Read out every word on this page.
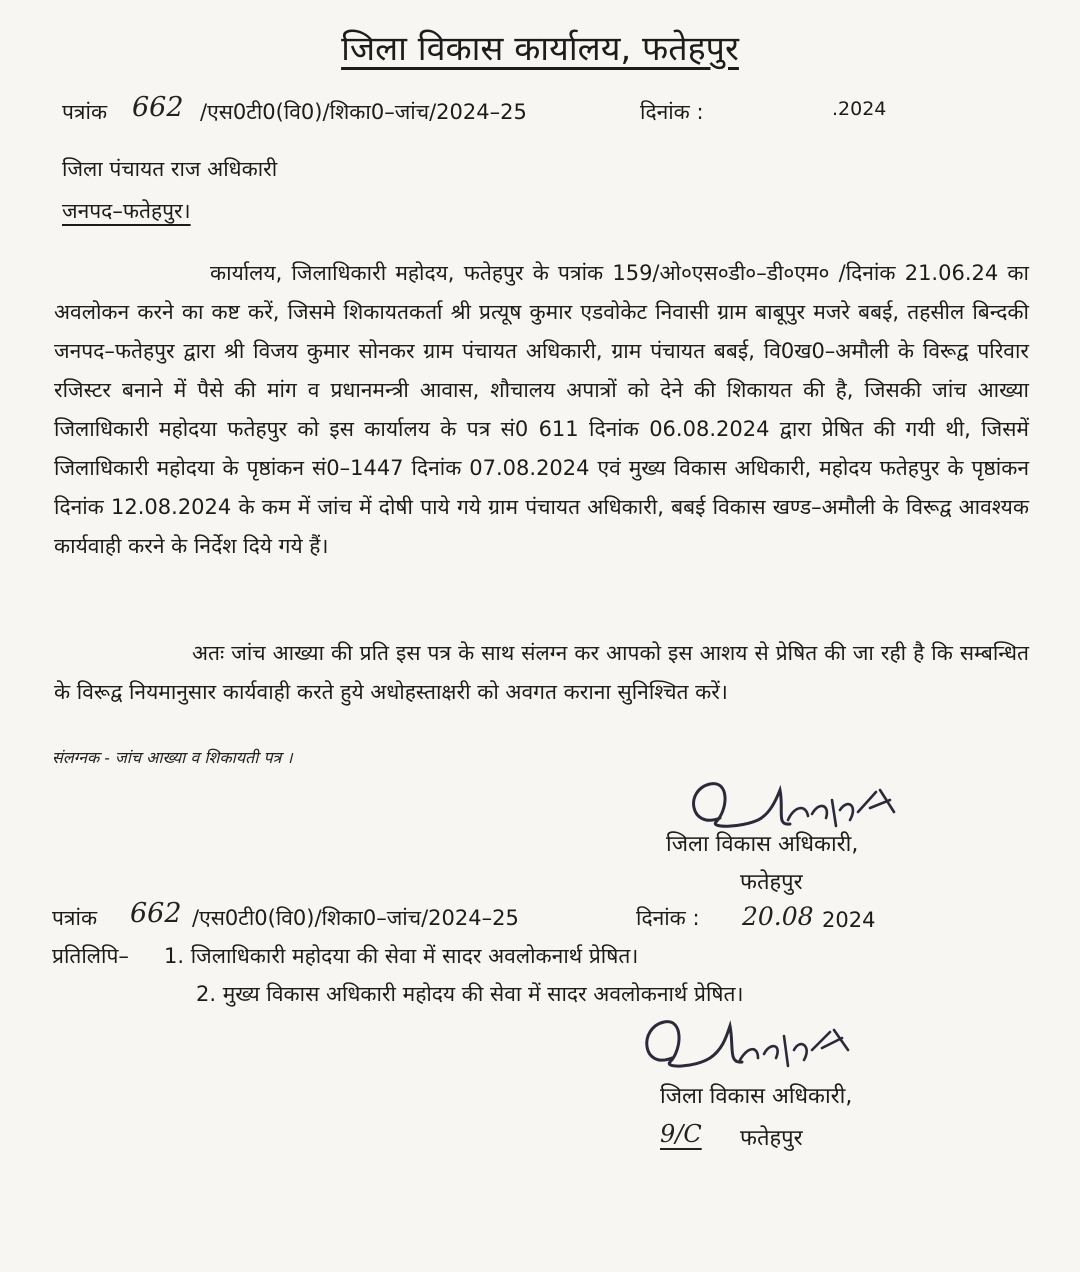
जिला विकास कार्यालय, फतेहपुर
पत्रांक 662 /एस0टी0(वि0)/शिका0–जांच/2024–25	दिनांक :	.2024
जिला पंचायत राज अधिकारी
जनपद–फतेहपुर।
कार्यालय, जिलाधिकारी महोदय, फतेहपुर के पत्रांक 159/ओ०एस०डी०–डी०एम० /दिनांक 21.06.24 का अवलोकन करने का कष्ट करें, जिसमे शिकायतकर्ता श्री प्रत्यूष कुमार एडवोकेट निवासी ग्राम बाबूपुर मजरे बबई, तहसील बिन्दकी जनपद–फतेहपुर द्वारा श्री विजय कुमार सोनकर ग्राम पंचायत अधिकारी, ग्राम पंचायत बबई, वि0ख0–अमौली के विरूद्व परिवार रजिस्टर बनाने में पैसे की मांग व प्रधानमन्त्री आवास, शौचालय अपात्रों को देने की शिकायत की है, जिसकी जांच आख्या जिलाधिकारी महोदया फतेहपुर को इस कार्यालय के पत्र सं0 611 दिनांक 06.08.2024 द्वारा प्रेषित की गयी थी, जिसमें जिलाधिकारी महोदया के पृष्ठांकन सं0–1447 दिनांक 07.08.2024 एवं मुख्य विकास अधिकारी, महोदय फतेहपुर के पृष्ठांकन दिनांक 12.08.2024 के कम में जांच में दोषी पाये गये ग्राम पंचायत अधिकारी, बबई विकास खण्ड–अमौली के विरूद्व आवश्यक कार्यवाही करने के निर्देश दिये गये हैं।
अतः जांच आख्या की प्रति इस पत्र के साथ संलग्न कर आपको इस आशय से प्रेषित की जा रही है कि सम्बन्धित के विरूद्व नियमानुसार कार्यवाही करते हुये अधोहस्ताक्षरी को अवगत कराना सुनिश्चित करें।
संलग्नक - जांच आख्या व शिकायती पत्र ।
जिला विकास अधिकारी,
फतेहपुर
पत्रांक 662 /एस0टी0(वि0)/शिका0–जांच/2024–25	दिनांक : 20.08 2024
प्रतिलिपि– 1. जिलाधिकारी महोदया की सेवा में सादर अवलोकनार्थ प्रेषित।
2. मुख्य विकास अधिकारी महोदय की सेवा में सादर अवलोकनार्थ प्रेषित।
जिला विकास अधिकारी,
9/C फतेहपुर
